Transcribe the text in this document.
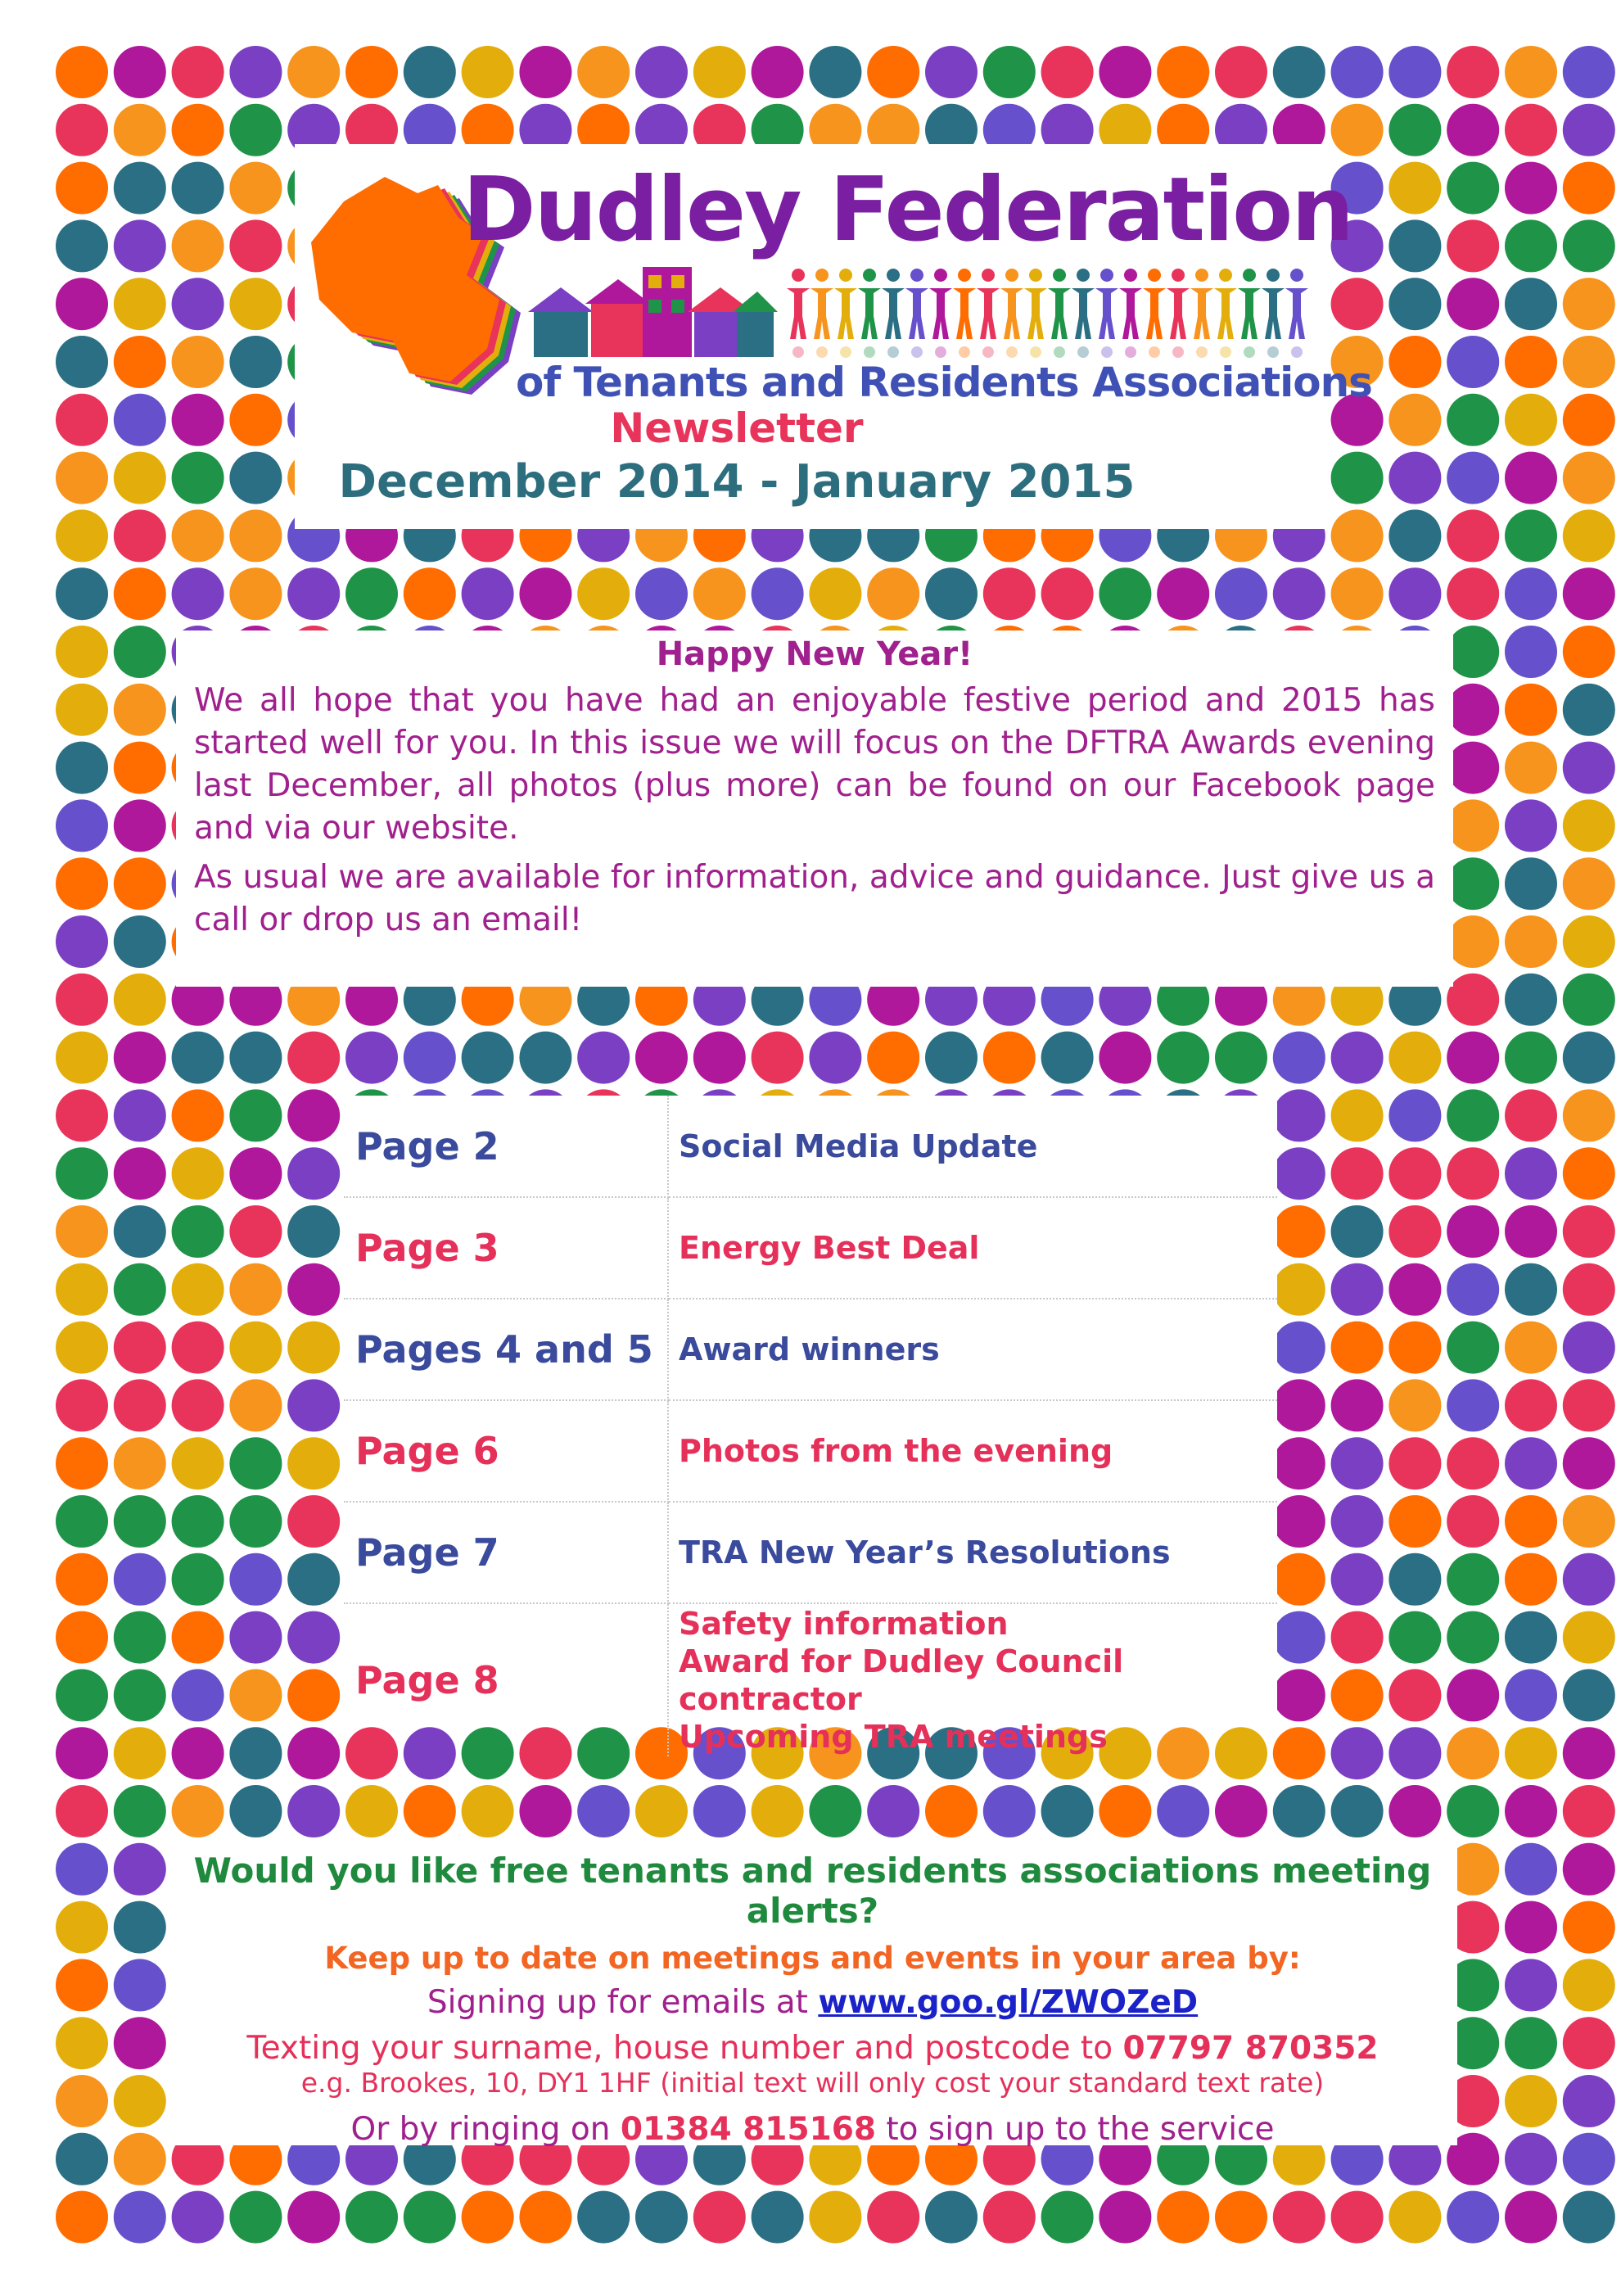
Dudley Federation
of Tenants and Residents Associations
Newsletter
December 2014 - January 2015
Happy New Year!

We all hope that you have had an enjoyable festive period and 2015 has started well for you. In this issue we will focus on the DFTRA Awards evening last December, all photos (plus more) can be found on our Facebook page and via our website.

As usual we are available for information, advice and guidance. Just give us a call or drop us an email!

Page 2	Social Media Update
Page 3	Energy Best Deal
Pages 4 and 5	Award winners
Page 6	Photos from the evening
Page 7	TRA New Year’s Resolutions
Page 8	Safety information
Award for Dudley Council contractor
Upcoming TRA meetings
Would you like free tenants and residents associations meeting alerts?
Keep up to date on meetings and events in your area by:
Signing up for emails at www.goo.gl/ZWOZeD
Texting your surname, house number and postcode to 07797 870352
e.g. Brookes, 10, DY1 1HF (initial text will only cost your standard text rate)
Or by ringing on 01384 815168 to sign up to the service
